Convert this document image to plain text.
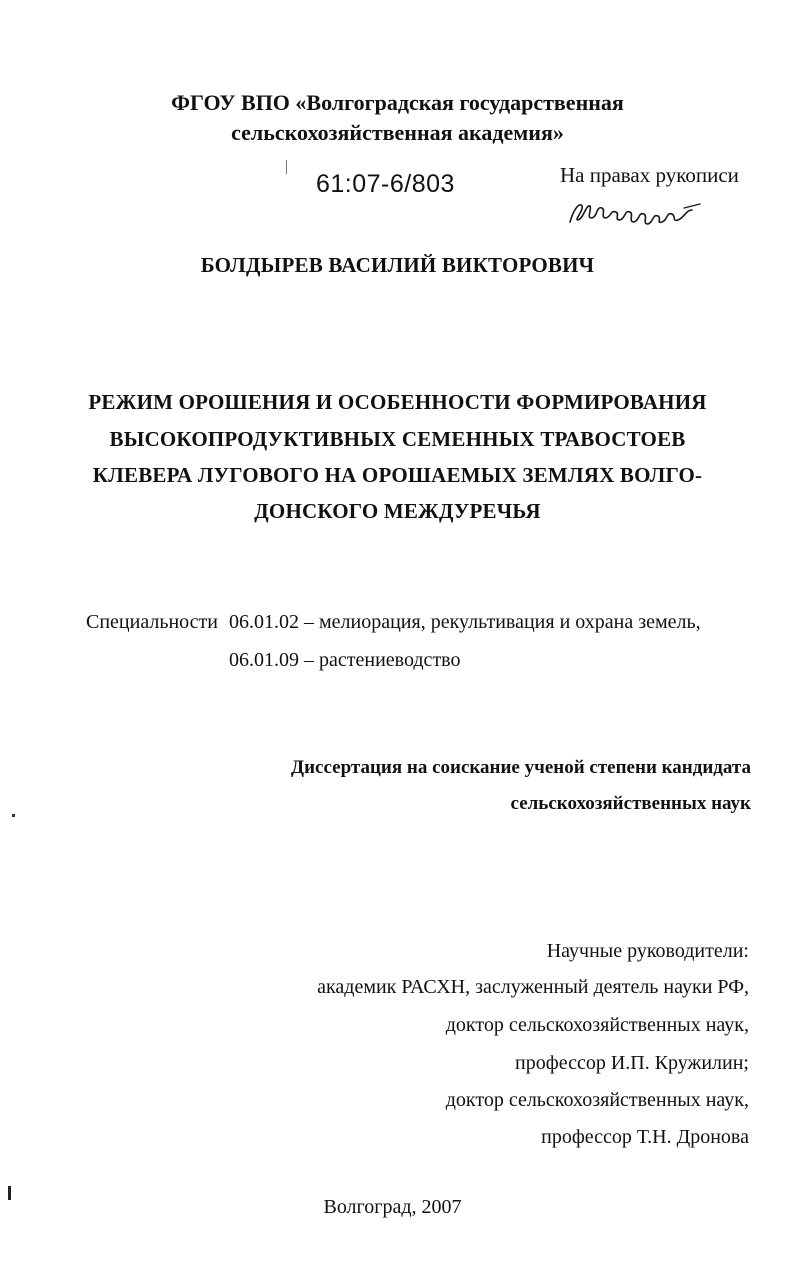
ФГОУ ВПО «Волгоградская государственная
сельскохозяйственная академия»
61:07-6/803	На правах рукописи
БОЛДЫРЕВ ВАСИЛИЙ ВИКТОРОВИЧ
РЕЖИМ ОРОШЕНИЯ И ОСОБЕННОСТИ ФОРМИРОВАНИЯ
ВЫСОКОПРОДУКТИВНЫХ СЕМЕННЫХ ТРАВОСТОЕВ
КЛЕВЕРА ЛУГОВОГО НА ОРОШАЕМЫХ ЗЕМЛЯХ ВОЛГО-
ДОНСКОГО МЕЖДУРЕЧЬЯ
Специальности 06.01.02 – мелиорация, рекультивация и охрана земель,
06.01.09 – растениеводство
Диссертация на соискание ученой степени кандидата
сельскохозяйственных наук
Научные руководители:
академик РАСХН, заслуженный деятель науки РФ,
доктор сельскохозяйственных наук,
профессор И.П. Кружилин;
доктор сельскохозяйственных наук,
профессор Т.Н. Дронова
Волгоград, 2007
